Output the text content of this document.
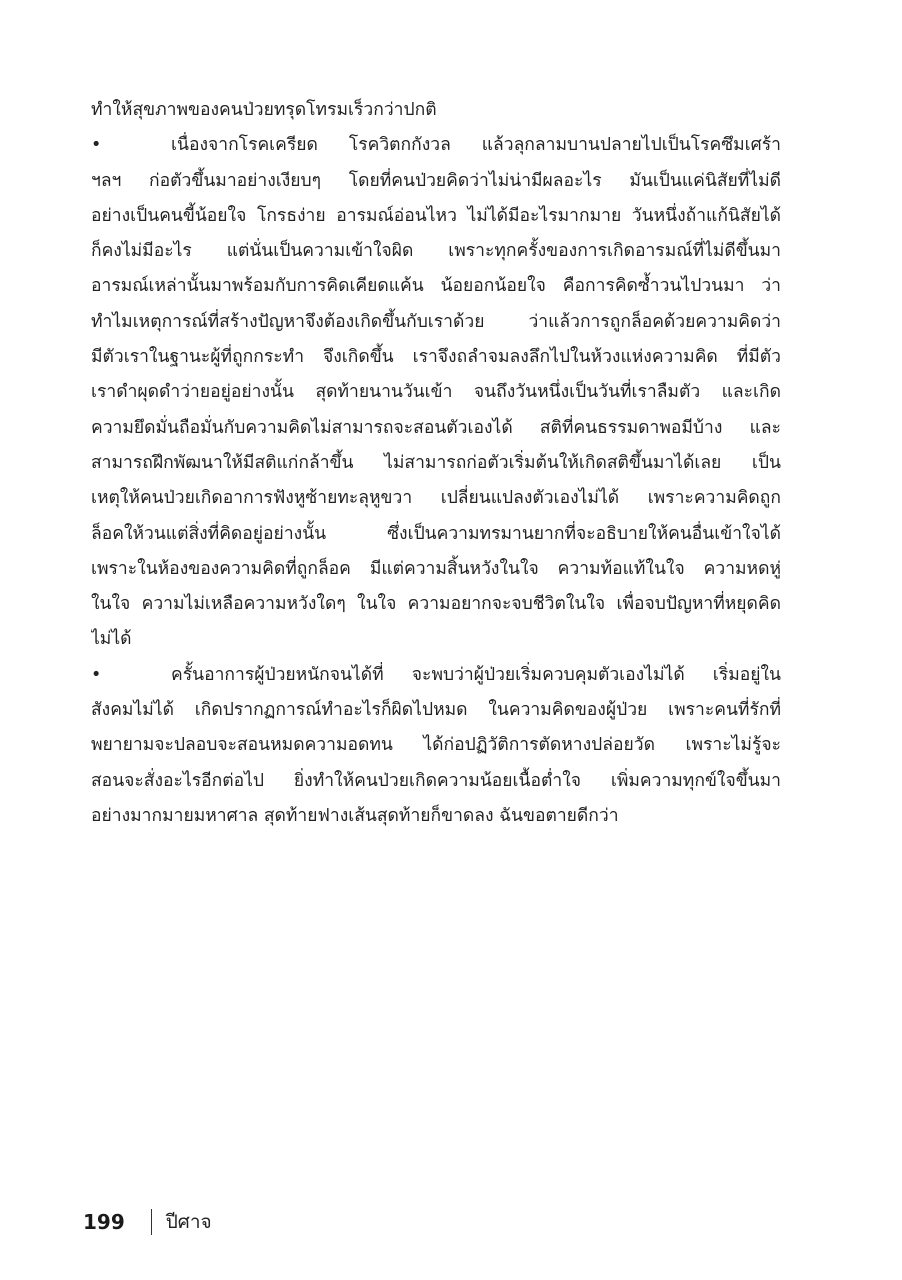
ทำให้สุขภาพของคนป่วยทรุดโทรมเร็วกว่าปกติ
•	เนื่องจากโรคเครียด โรควิตกกังวล แล้วลุกลามบานปลายไปเป็นโรคซึมเศร้า
ฯลฯ ก่อตัวขึ้นมาอย่างเงียบๆ โดยที่คนป่วยคิดว่าไม่น่ามีผลอะไร มันเป็นแค่นิสัยที่ไม่ดี
อย่างเป็นคนขี้น้อยใจ โกรธง่าย อารมณ์อ่อนไหว ไม่ได้มีอะไรมากมาย วันหนึ่งถ้าแก้นิสัยได้
ก็คงไม่มีอะไร แต่นั่นเป็นความเข้าใจผิด เพราะทุกครั้งของการเกิดอารมณ์ที่ไม่ดีขึ้นมา
อารมณ์เหล่านั้นมาพร้อมกับการคิดเคียดแค้น น้อยอกน้อยใจ คือการคิดซ้ำวนไปวนมา ว่า
ทำไมเหตุการณ์ที่สร้างปัญหาจึงต้องเกิดขึ้นกับเราด้วย ว่าแล้วการถูกล็อคด้วยความคิดว่า
มีตัวเราในฐานะผู้ที่ถูกกระทำ จึงเกิดขึ้น เราจึงถลำจมลงลึกไปในห้วงแห่งความคิด ที่มีตัว
เราดำผุดดำว่ายอยู่อย่างนั้น สุดท้ายนานวันเข้า จนถึงวันหนึ่งเป็นวันที่เราลืมตัว และเกิด
ความยึดมั่นถือมั่นกับความคิดไม่สามารถจะสอนตัวเองได้ สติที่คนธรรมดาพอมีบ้าง และ
สามารถฝึกพัฒนาให้มีสติแก่กล้าขึ้น ไม่สามารถก่อตัวเริ่มต้นให้เกิดสติขึ้นมาได้เลย เป็น
เหตุให้คนป่วยเกิดอาการฟังหูซ้ายทะลุหูขวา เปลี่ยนแปลงตัวเองไม่ได้ เพราะความคิดถูก
ล็อคให้วนแต่สิ่งที่คิดอยู่อย่างนั้น ซึ่งเป็นความทรมานยากที่จะอธิบายให้คนอื่นเข้าใจได้
เพราะในห้องของความคิดที่ถูกล็อค มีแต่ความสิ้นหวังในใจ ความท้อแท้ในใจ ความหดหู่
ในใจ ความไม่เหลือความหวังใดๆ ในใจ ความอยากจะจบชีวิตในใจ เพื่อจบปัญหาที่หยุดคิด
ไม่ได้
•	ครั้นอาการผู้ป่วยหนักจนได้ที่ จะพบว่าผู้ป่วยเริ่มควบคุมตัวเองไม่ได้ เริ่มอยู่ใน
สังคมไม่ได้ เกิดปรากฏการณ์ทำอะไรก็ผิดไปหมด ในความคิดของผู้ป่วย เพราะคนที่รักที่
พยายามจะปลอบจะสอนหมดความอดทน ได้ก่อปฏิวัติการตัดหางปล่อยวัด เพราะไม่รู้จะ
สอนจะสั่งอะไรอีกต่อไป ยิ่งทำให้คนป่วยเกิดความน้อยเนื้อต่ำใจ เพิ่มความทุกข์ใจขึ้นมา
อย่างมากมายมหาศาล สุดท้ายฟางเส้นสุดท้ายก็ขาดลง ฉันขอตายดีกว่า
199 ปีศาจ
